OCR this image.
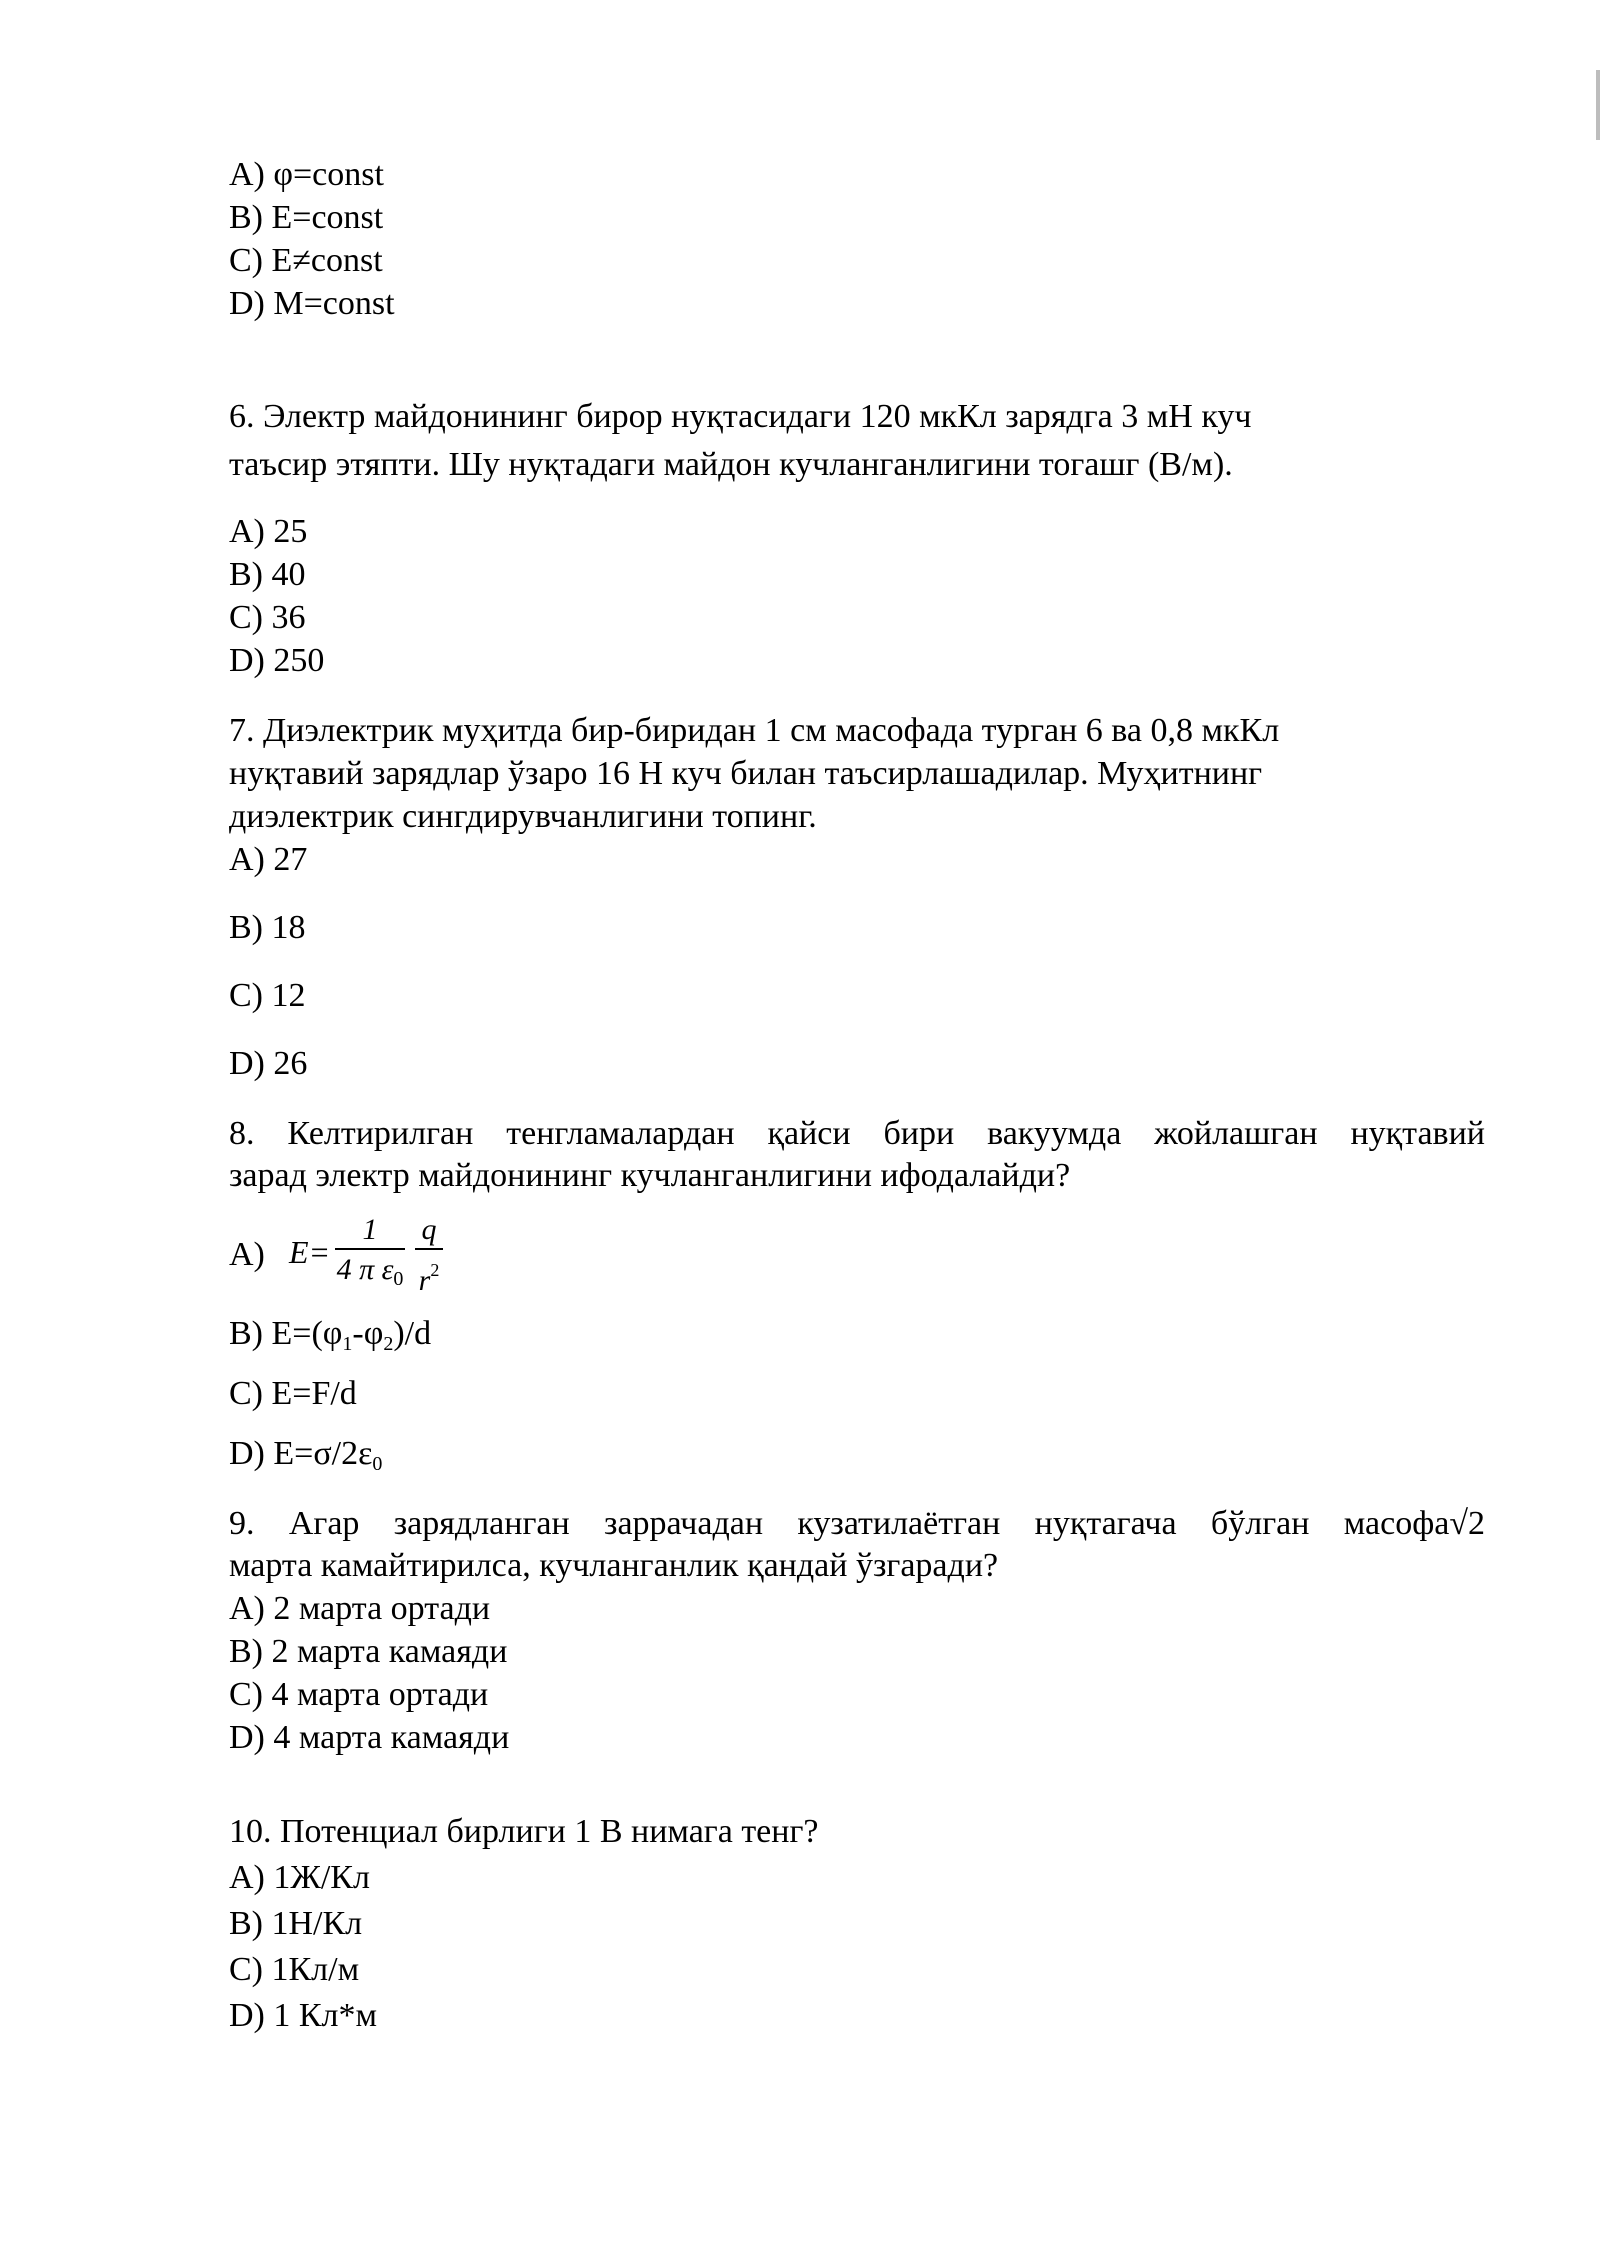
A) φ=const
B) E=const
C) E≠const
D) M=const
6. Электр майдонининг бирор нуқтасидаги 120 мкКл зарядга 3 мН куч
таъсир этяпти. Шу нуқтадаги майдон кучланганлигини тогашг (В/м).
A) 25
B) 40
C) 36
D) 250
7. Диэлектрик муҳитда бир-биридан 1 см масофада турган 6 ва 0,8 мкКл
нуқтавий зарядлар ўзаро 16 Н куч билан таъсирлашадилар. Муҳитнинг
диэлектрик сингдирувчанлигини топинг.
A) 27
B) 18
C) 12
D) 26
8. Келтирилган тенгламалардан қайси бири вакуумда жойлашган нуқтавий
зарад электр майдонининг кучланганлигини ифодалайди?
A) $E= \frac{1}{4 \pi \varepsilon_0} \frac{q}{r^2}$
B) $E=(\varphi_1-\varphi_2)/d$
C) E=F/d
D) $E=\sigma/2\varepsilon_0$
9. Агар зарядланган заррачадан кузатилаётган нуқтагача бўлган масофа√2
марта камайтирилса, кучланганлик қандай ўзгаради?
A) 2 марта ортади
B) 2 марта камаяди
C) 4 марта ортади
D) 4 марта камаяди
10. Потенциал бирлиги 1 В нимага тенг?
A) 1Ж/Кл
B) 1Н/Кл
C) 1Кл/м
D) 1 Кл*м
